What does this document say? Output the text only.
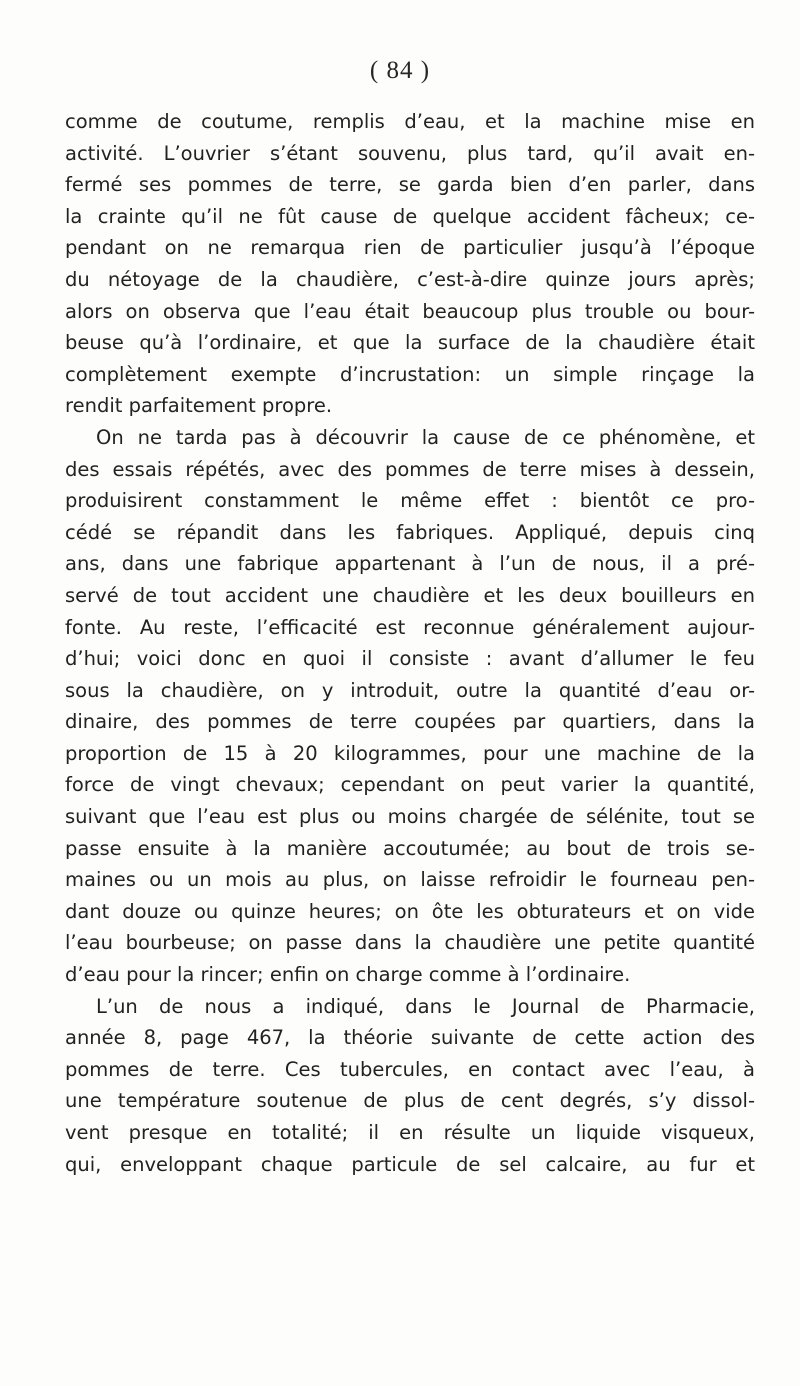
( 84 )
comme de coutume, remplis d’eau, et la machine mise en
activité. L’ouvrier s’étant souvenu, plus tard, qu’il avait en-
fermé ses pommes de terre, se garda bien d’en parler, dans
la crainte qu’il ne fût cause de quelque accident fâcheux; ce-
pendant on ne remarqua rien de particulier jusqu’à l’époque
du nétoyage de la chaudière, c’est-à-dire quinze jours après;
alors on observa que l’eau était beaucoup plus trouble ou bour-
beuse qu’à l’ordinaire, et que la surface de la chaudière était
complètement exempte d’incrustation: un simple rinçage la
rendit parfaitement propre.
On ne tarda pas à découvrir la cause de ce phénomène, et
des essais répétés, avec des pommes de terre mises à dessein,
produisirent constamment le même effet : bientôt ce pro-
cédé se répandit dans les fabriques. Appliqué, depuis cinq
ans, dans une fabrique appartenant à l’un de nous, il a pré-
servé de tout accident une chaudière et les deux bouilleurs en
fonte. Au reste, l’efficacité est reconnue généralement aujour-
d’hui; voici donc en quoi il consiste : avant d’allumer le feu
sous la chaudière, on y introduit, outre la quantité d’eau or-
dinaire, des pommes de terre coupées par quartiers, dans la
proportion de 15 à 20 kilogrammes, pour une machine de la
force de vingt chevaux; cependant on peut varier la quantité,
suivant que l’eau est plus ou moins chargée de sélénite, tout se
passe ensuite à la manière accoutumée; au bout de trois se-
maines ou un mois au plus, on laisse refroidir le fourneau pen-
dant douze ou quinze heures; on ôte les obturateurs et on vide
l’eau bourbeuse; on passe dans la chaudière une petite quantité
d’eau pour la rincer; enfin on charge comme à l’ordinaire.
L’un de nous a indiqué, dans le Journal de Pharmacie,
année 8, page 467, la théorie suivante de cette action des
pommes de terre. Ces tubercules, en contact avec l’eau, à
une température soutenue de plus de cent degrés, s’y dissol-
vent presque en totalité; il en résulte un liquide visqueux,
qui, enveloppant chaque particule de sel calcaire, au fur et
